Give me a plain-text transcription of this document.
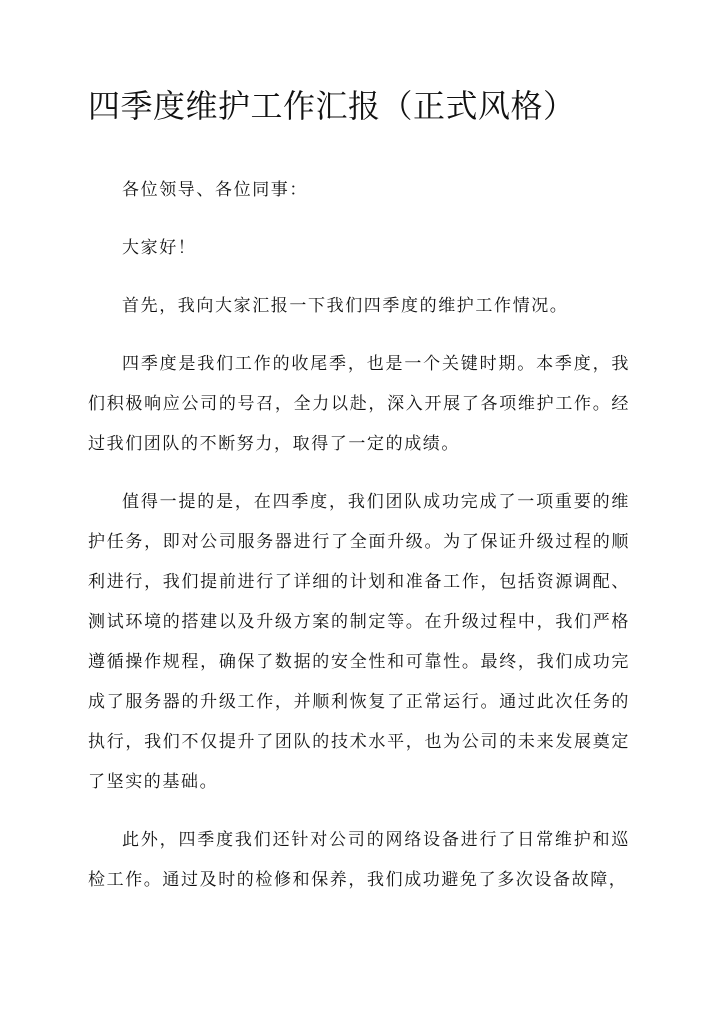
四季度维护工作汇报（正式风格）

各位领导、各位同事：

大家好！

首先，我向大家汇报一下我们四季度的维护工作情况。

四季度是我们工作的收尾季，也是一个关键时期。本季度，我们积极响应公司的号召，全力以赴，深入开展了各项维护工作。经过我们团队的不断努力，取得了一定的成绩。

值得一提的是，在四季度，我们团队成功完成了一项重要的维护任务，即对公司服务器进行了全面升级。为了保证升级过程的顺利进行，我们提前进行了详细的计划和准备工作，包括资源调配、测试环境的搭建以及升级方案的制定等。在升级过程中，我们严格遵循操作规程，确保了数据的安全性和可靠性。最终，我们成功完成了服务器的升级工作，并顺利恢复了正常运行。通过此次任务的执行，我们不仅提升了团队的技术水平，也为公司的未来发展奠定了坚实的基础。

此外，四季度我们还针对公司的网络设备进行了日常维护和巡检工作。通过及时的检修和保养，我们成功避免了多次设备故障，
